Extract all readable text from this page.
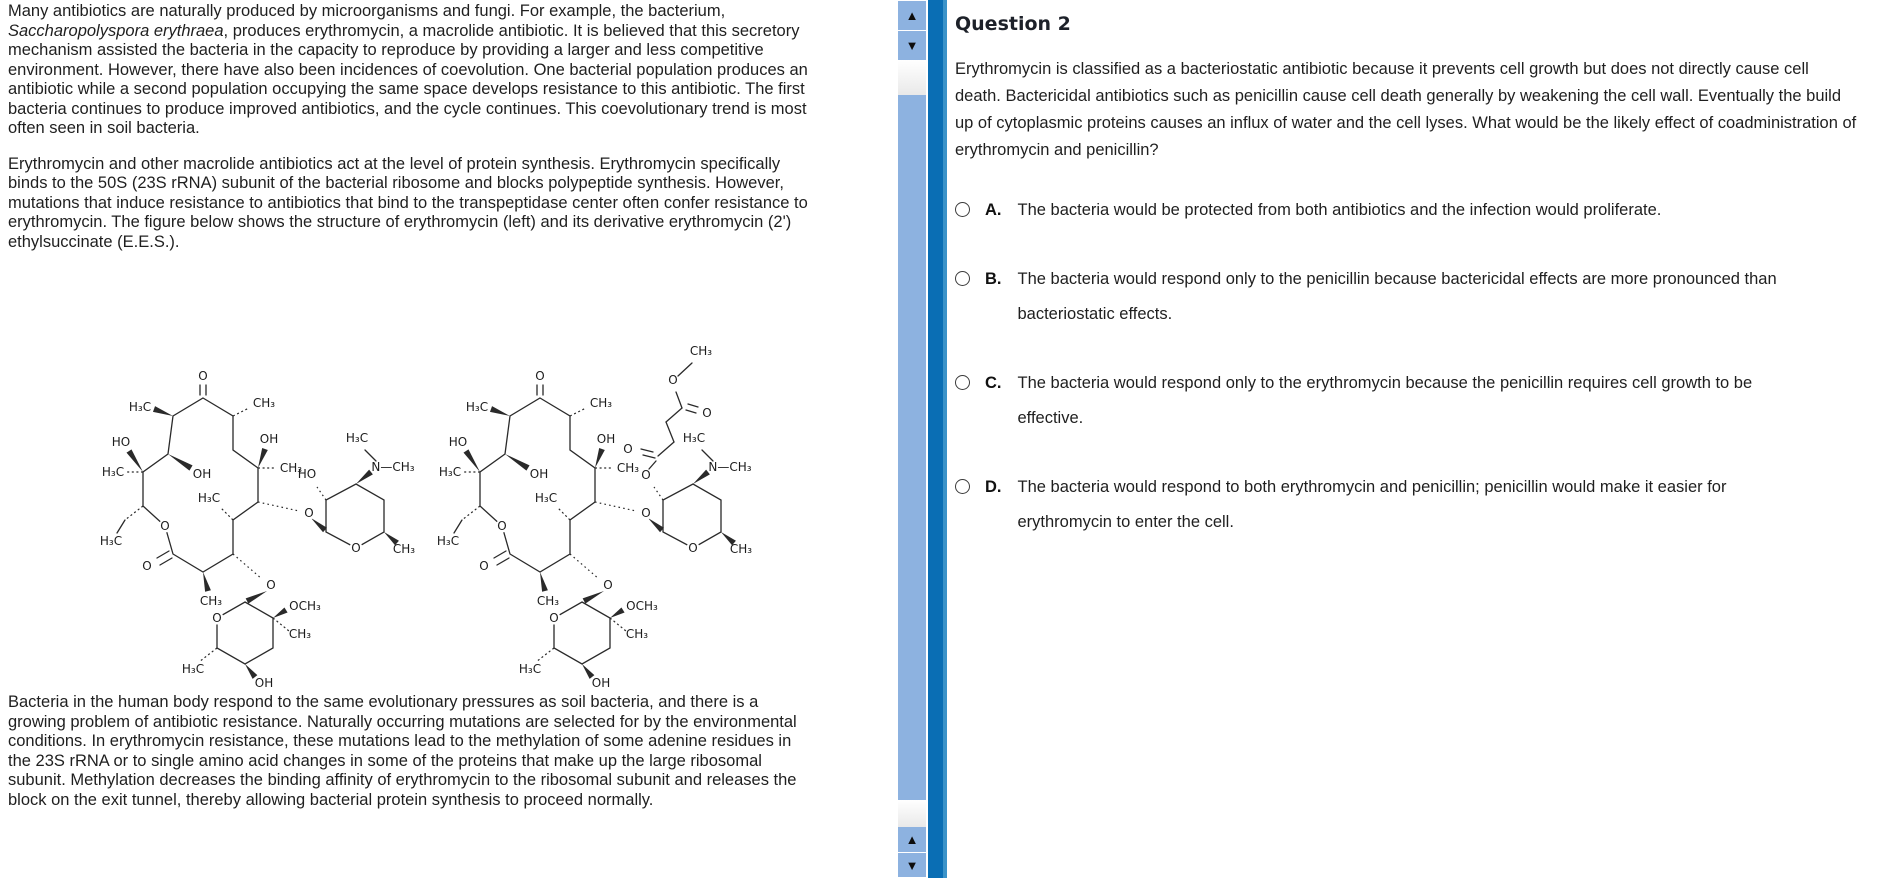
Many antibiotics are naturally produced by microorganisms and fungi. For example, the bacterium, Saccharopolyspora erythraea, produces erythromycin, a macrolide antibiotic. It is believed that this secretory mechanism assisted the bacteria in the capacity to reproduce by providing a larger and less competitive environment. However, there have also been incidences of coevolution. One bacterial population produces an antibiotic while a second population occupying the same space develops resistance to this antibiotic. The first bacteria continues to produce improved antibiotics, and the cycle continues. This coevolutionary trend is most often seen in soil bacteria.

Erythromycin and other macrolide antibiotics act at the level of protein synthesis. Erythromycin specifically binds to the 50S (23S rRNA) subunit of the bacterial ribosome and blocks polypeptide synthesis. However, mutations that induce resistance to antibiotics that bind to the transpeptidase center often confer resistance to erythromycin. The figure below shows the structure of erythromycin (left) and its derivative erythromycin (2') ethylsuccinate (E.E.S.).

O
H₃C	CH₃
HO	OH
H₃C	OH	CH₃
HO
H₃C
O
O
H₃C
CH₃
O
O
H₃C
N—CH₃
CH₃
O
O
OCH₃
CH₃
H₃C
OH
O
H₃C	CH₃
HO	OH
H₃C	OH	CH₃
H₃C
O
O
H₃C
CH₃
O
O
H₃C
N—CH₃
CH₃
O
O
OCH₃
CH₃
H₃C
OH
O
O
O
O
CH₃

Bacteria in the human body respond to the same evolutionary pressures as soil bacteria, and there is a growing problem of antibiotic resistance. Naturally occurring mutations are selected for by the environmental conditions. In erythromycin resistance, these mutations lead to the methylation of some adenine residues in the 23S rRNA or to single amino acid changes in some of the proteins that make up the large ribosomal subunit. Methylation decreases the binding affinity of erythromycin to the ribosomal subunit and releases the block on the exit tunnel, thereby allowing bacterial protein synthesis to proceed normally.

▲
▼
▲
▼
Question 2

Erythromycin is classified as a bacteriostatic antibiotic because it prevents cell growth but does not directly cause cell death. Bactericidal antibiotics such as penicillin cause cell death generally by weakening the cell wall. Eventually the build up of cytoplasmic proteins causes an influx of water and the cell lyses. What would be the likely effect of coadministration of erythromycin and penicillin?

A. The bacteria would be protected from both antibiotics and the infection would proliferate.
B. The bacteria would respond only to the penicillin because bactericidal effects are more pronounced than bacteriostatic effects.
C. The bacteria would respond only to the erythromycin because the penicillin requires cell growth to be effective.
D. The bacteria would respond to both erythromycin and penicillin; penicillin would make it easier for erythromycin to enter the cell.
